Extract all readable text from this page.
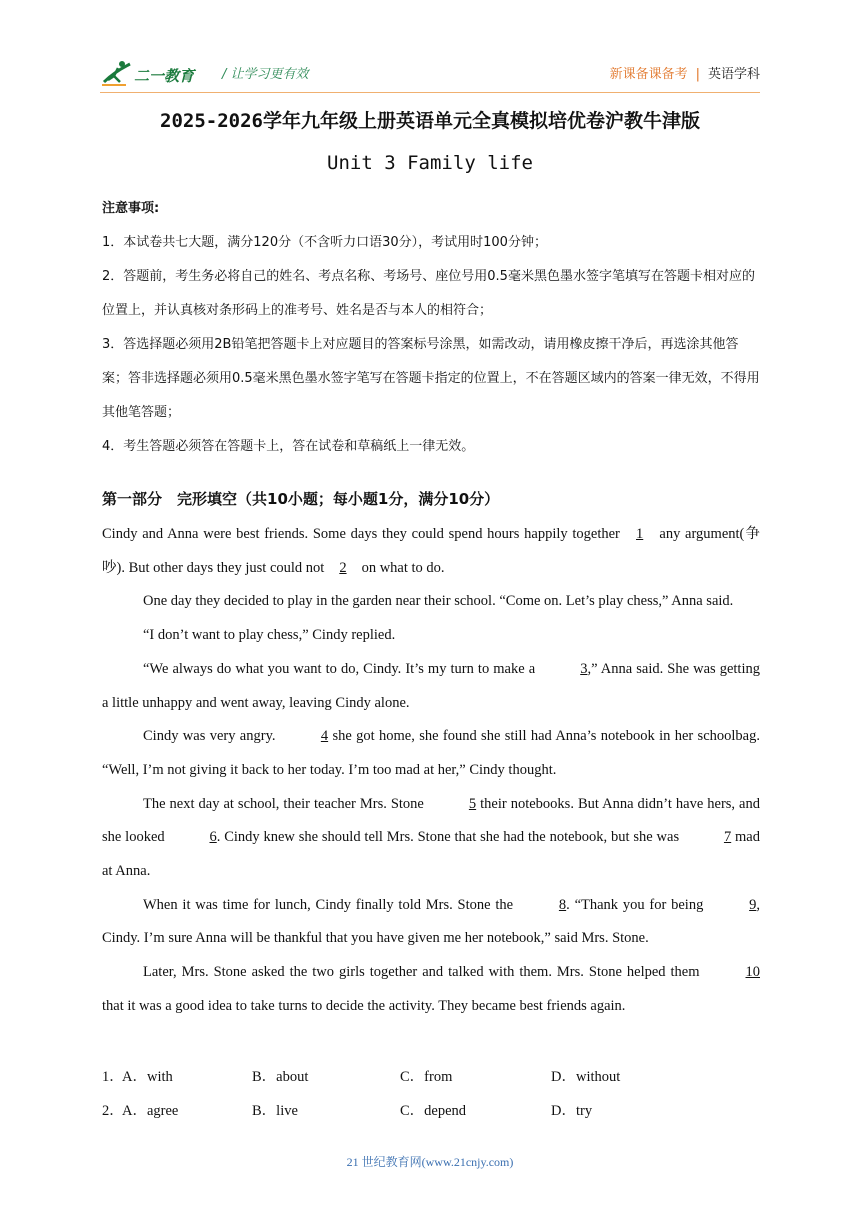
二一教育 / 让学习更有效	新课备课备考 | 英语学科
2025-2026学年九年级上册英语单元全真模拟培优卷沪教牛津版
Unit 3 Family life

注意事项:

1．本试卷共七大题，满分120分（不含听力口语30分），考试用时100分钟；

2．答题前，考生务必将自己的姓名、考点名称、考场号、座位号用0.5毫米黑色墨水签字笔填写在答题卡相对应的位置上，并认真核对条形码上的准考号、姓名是否与本人的相符合；

3．答选择题必须用2B铅笔把答题卡上对应题目的答案标号涂黑，如需改动，请用橡皮擦干净后，再选涂其他答案；答非选择题必须用0.5毫米黑色墨水签字笔写在答题卡指定的位置上，不在答题区域内的答案一律无效，不得用其他笔答题；

4．考生答题必须答在答题卡上，答在试卷和草稿纸上一律无效。

第一部分　完形填空（共10小题；每小题1分，满分10分）

Cindy and Anna were best friends. Some days they could spend hours happily together 1 any argument(争吵). But other days they just could not 2 on what to do.

One day they decided to play in the garden near their school. “Come on. Let’s play chess,” Anna said.

“I don’t want to play chess,” Cindy replied.

“We always do what you want to do, Cindy. It’s my turn to make a	3,” Anna said. She was getting a little unhappy and went away, leaving Cindy alone.

Cindy was very angry.	4 she got home, she found she still had Anna’s notebook in her schoolbag. “Well, I’m not giving it back to her today. I’m too mad at her,” Cindy thought.

The next day at school, their teacher Mrs. Stone	5 their notebooks. But Anna didn’t have hers, and she looked	6. Cindy knew she should tell Mrs. Stone that she had the notebook, but she was	7 mad at Anna.

When it was time for lunch, Cindy finally told Mrs. Stone the	8. “Thank you for being	9, Cindy. I’m sure Anna will be thankful that you have given me her notebook,” said Mrs. Stone.

Later, Mrs. Stone asked the two girls together and talked with them. Mrs. Stone helped them	10 that it was a good idea to take turns to decide the activity. They became best friends again.

1．
A．with	B．about	C．from	D．without
2．
A．agree	B．live	C．depend	D．try
21 世纪教育网(www.21cnjy.com)
